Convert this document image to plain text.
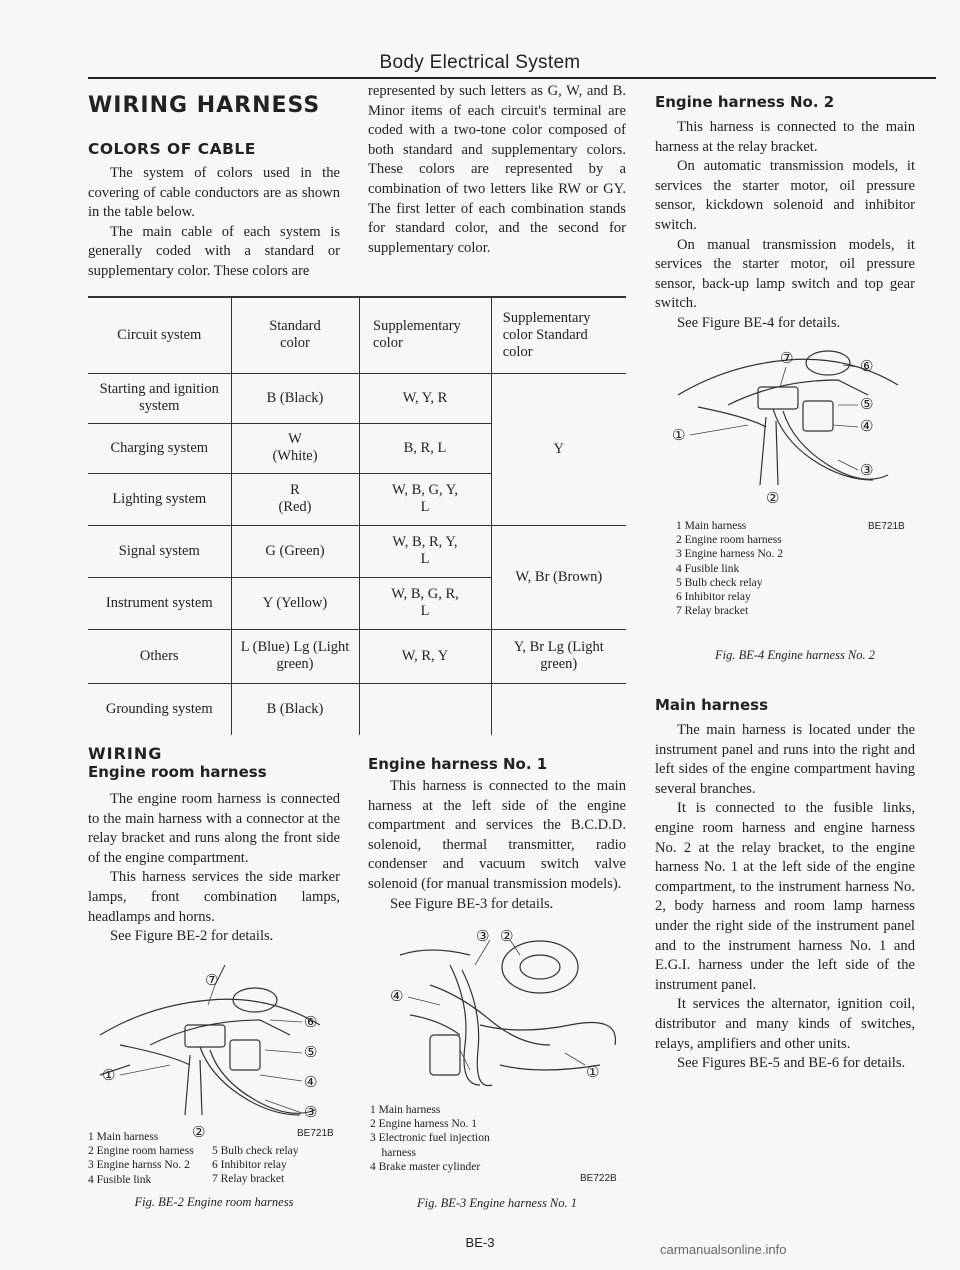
Body Electrical System
WIRING HARNESS
COLORS OF CABLE

The system of colors used in the covering of cable conductors are as shown in the table below.

The main cable of each system is generally coded with a standard or supplementary color. These colors are

represented by such letters as G, W, and B. Minor items of each circuit's terminal are coded with a two-tone color composed of both standard and supplementary colors. These colors are represented by a combination of two letters like RW or GY. The first letter of each combination stands for standard color, and the second for supplementary color.

Circuit system	Standard color	Supplementary color	Supplementary color Standard color

Starting and ignition system	B (Black)	W, Y, R	Y
Charging system	W (White)	B, R, L	
Lighting system	R (Red)	W, B, G, Y, L	

Signal system	G (Green)	W, B, R, Y, L	W, Br (Brown)
Instrument system	Y (Yellow)	W, B, G, R, L	

Others	L (Blue) Lg (Light green)	W, R, Y	Y, Br Lg (Light green)

Grounding system	B (Black)		

WIRING
Engine room harness

The engine room harness is connected to the main harness with a connector at the relay bracket and runs along the front side of the engine compartment.

This harness services the side marker lamps, front combination lamps, headlamps and horns.

See Figure BE-2 for details.

⑦
⑥
⑤
④
①
③
②	BE721B
1 Main harness
2 Engine room harness
3 Engine harnss No. 2
4 Fusible link
5 Bulb check relay
6 Inhibitor relay
7 Relay bracket
Fig. BE-2 Engine room harness
Engine harness No. 1

This harness is connected to the main harness at the left side of the engine compartment and services the B.C.D.D. solenoid, thermal transmitter, radio condenser and vacuum switch valve solenoid (for manual transmission models).

See Figure BE-3 for details.

③ ②
④
①
1 Main harness
2 Engine harness No. 1
3 Electronic fuel injection
harness
4 Brake master cylinder
BE722B
Fig. BE-3 Engine harness No. 1
Engine harness No. 2

This harness is connected to the main harness at the relay bracket.

On automatic transmission models, it services the starter motor, oil pressure sensor, kickdown solenoid and inhibitor switch.

On manual transmission models, it services the starter motor, oil pressure sensor, back-up lamp switch and top gear switch.

See Figure BE-4 for details.

⑦	⑥
⑤
④
①
③
②
1 Main harness
2 Engine room harness
3 Engine harness No. 2
4 Fusible link
5 Bulb check relay
6 Inhibitor relay
7 Relay bracket
BE721B
Fig. BE-4 Engine harness No. 2
Main harness

The main harness is located under the instrument panel and runs into the right and left sides of the engine compartment having several branches.

It is connected to the fusible links, engine room harness and engine harness No. 2 at the relay bracket, to the engine harness No. 1 at the left side of the engine compartment, to the instrument harness No. 2, body harness and room lamp harness under the right side of the instrument panel and to the instrument harness No. 1 and E.G.I. harness under the left side of the instrument panel.

It services the alternator, ignition coil, distributor and many kinds of switches, relays, amplifiers and other units.

See Figures BE-5 and BE-6 for details.

BE-3	carmanualsonline.info
